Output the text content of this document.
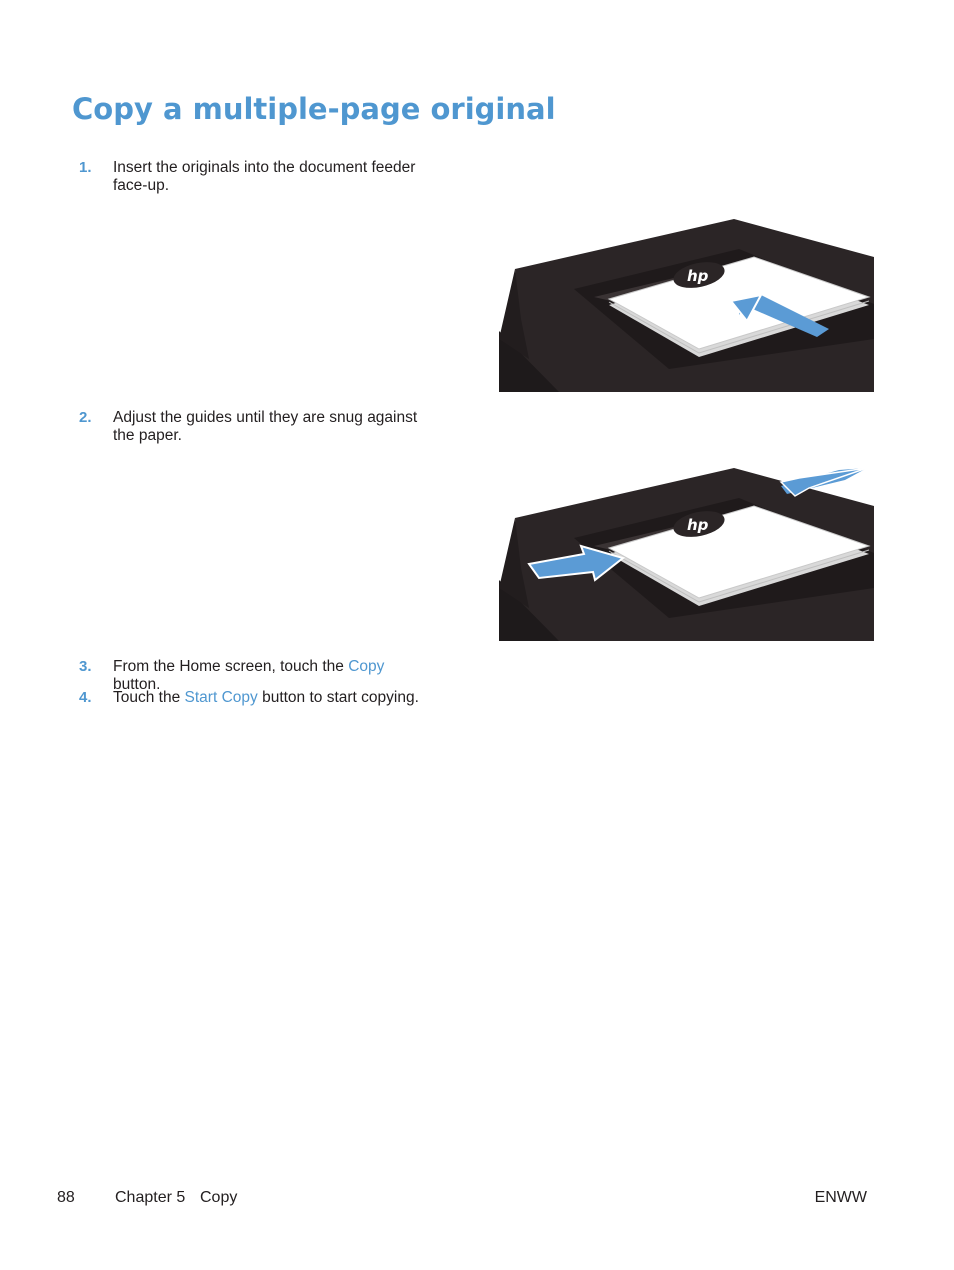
Copy a multiple-page original
1. Insert the originals into the document feeder face-up.
hp
2. Adjust the guides until they are snug against the paper.
hp
3. From the Home screen, touch the Copy button.
4. Touch the Start Copy button to start copying.
88	Chapter 5 Copy	ENWW
